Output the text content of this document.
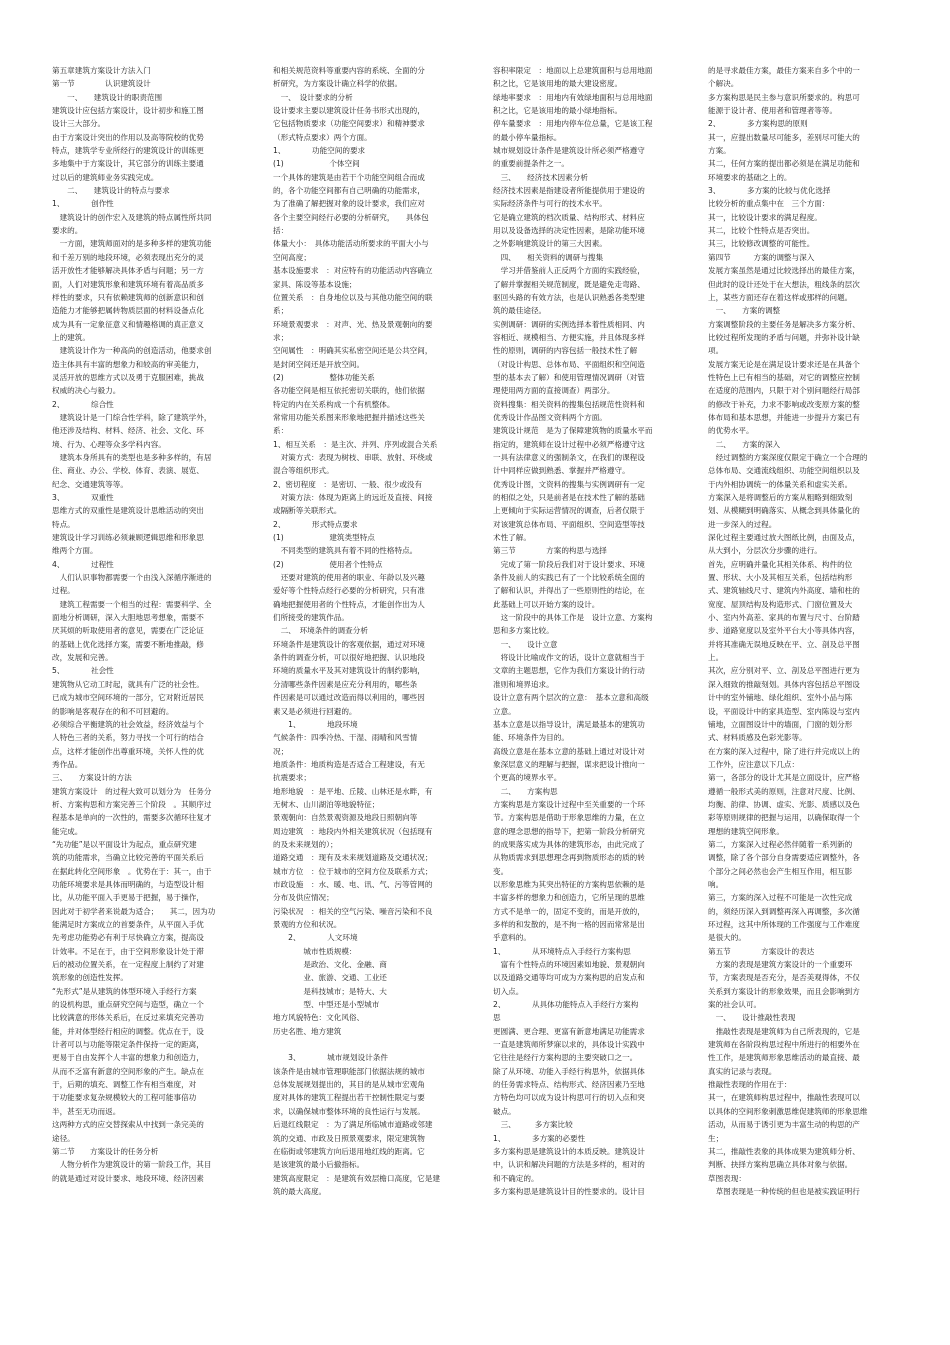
第五章建筑方案设计方法入门
第一节　　　　认识建筑设计
　　一、　　建筑设计的职责范围
建筑设计应包括方案设计，设计初步和施工图
设计三大部分。
由于方案设计突出的作用以及高等院校的优势
特点，建筑学专业所经行的建筑设计的训练更
多地集中于方案设计，其它部分的训练主要通
过以后的建筑师业务实践完成。
　　二、　　建筑设计的特点与要求
1、　　　　创作性
　建筑设计的创作宏入及建筑的特点属性所共同
要求的。
　一方面，建筑师面对的是多种多样的建筑功能
和千差万别的地段环境，必须表现出充分的灵
活开放性才能够解决具体矛盾与问题；另一方
面，人们对建筑形象和建筑环境有着高品质多
样性的要求，只有依赖建筑师的创新意识和创
造能力才能够把属转物质层面的材料设备点化
成为具有一定象征意义和情趣格调的真正意义
上的建筑。
　建筑设计作为一种高尚的创造活动，他要求创
造主体具有丰富的想象力和较高的审美能力，
灵活开放的思维方式以及勇于克服困难，挑战
权威的决心与毅力。
2、　　　　综合性
　建筑设计是一门综合性学科，除了建筑学外，
他还涉及结构、材料、经济、社会、文化、环
境、行为、心理等众多学科内容。
　建筑本身所具有的类型也是多种多样的，有居
住、商业、办公、学校、体育、表演、展览、
纪念、交通建筑等等。
3、　　　　双重性
思维方式的双重性是建筑设计思维活动的突出
特点。
建筑设计学习训练必须兼顾逻辑思维和形象思
维两个方面。
4、　　　　过程性
　人们认识事物都需要一个由浅入深循序渐进的
过程。
　建筑工程需要一个相当的过程：需要科学、全
面地分析调研，深入大胆地思考想象，需要不
厌其烦的听取使用者的意见，需要在广泛论证
的基础上优化选择方案，需要不断地推敲，修
改，发展和完善。
5、　　　　社会性
建筑物从它动工时起，就具有广泛的社会性。
已成为城市空间环境的一部分，它对附近居民
的影响是客观存在的和不可回避的。
必须综合平衡建筑的社会效益，经济效益与个
人特色三者的关系，努力寻找一个可行的结合
点，这样才能创作出尊重环境，关怀人性的优
秀作品。
三、　　方案设计的方法
建筑方案设计　的过程大致可以划分为　任务分
析、方案构思和方案完善三个阶段　。其顺序过
程基本是单向的一次性的，需要多次循环往复才
能完成。
“先功能”是以平面设计为起点，重点研究建
筑的功能需求，当确立比较完善的平面关系后
在据此转化空间形象　。优势在于：其一，由于
功能环境要求是具体而明确的，与造型设计相
比，从功能平面入手更易于把握，易于操作，
因此对于初学者来说最为适合；　　其二，因为功
能满足时方案成立的首要条件，从平面入手优
先考虑功能势必有利于尽快确立方案，提高设
计效率。不足在于，由于空间形象设计处于滞
后的被动位置关系，在一定程度上制约了对建
筑形象的创造性发挥。
“先形式”是从建筑的体型环境入手经行方案
的设机构思，重点研究空间与造型，确立一个
比较满意的形体关系后，在反过来填充完善功
能，并对体型经行相应的调整。优点在于，设
计者可以与功能等限定条件保持一定的距离，
更易于自由发挥个人丰富的想象力和创造力，
从而不乏富有新意的空间形象的产生。缺点在
于，后期的填充、调整工作有相当难度，对
于功能要求复杂规模较大的工程可能事倍功
半，甚至无功而返。
这两种方式的应交替探索从中找到一条完美的
途径。
第二节　　方案设计的任务分析
　人物分析作为建筑设计的第一阶段工作，其目
的就是通过对设计要求、地段环境、经济因素
和相关规范资料等重要内容的系统、全面的分
析研究，为方案设计确立科学的依据。
　一、　设计要求的分析
设计要求主要以建筑设计任务书形式出现的，
它包括物质要求（功能空间要求）和精神要求
（形式特点要求）两个方面。
1、　　　　功能空间的要求
(1)　　　　　　个体空间
一个具体的建筑是由若干个功能空间组合而成
的，各个功能空间都有自己明确的功能需求，
为了准确了解把握对象的设计要求，我们应对
各个主要空间经行必要的分析研究，　　具体包
括：
体量大小：　具体功能活动所要求的平面大小与
空间高度；
基本设施要求　：对应特有的功能活动内容确立
家具、陈设等基本设施；
位置关系　：自身地位以及与其他功能空间的联
系；
环境景观要求　：对声、光、热及景观朝向的要
求；
空间属性　：明确其实私密空间还是公共空间，
是封闭空间还是开放空间。
(2)　　　　　　整体功能关系
各功能空间是相互依托密切关联的，他们依据
特定的内在关系构成一个有机整体。
常常用功能关系图来形象地把握并描述这些关
系：
1、相互关系　：是主次、并列、序列或混合关系
　对策方式：表现为树枝、串联、放射、环绕或
混合等组织形式。
2、密切程度　：是密切、一般、很少或没有
　对策方法：体现为距离上的远近及直接、间接
或隔断等关联形式。
2、　　　　形式特点要求
(1)　　　　　　建筑类型特点
　不同类型的建筑具有着不同的性格特点。
(2)　　　　　　使用者个性特点
　还要对建筑的使用者的职业、年龄以及兴趣
爱好等个性特点经行必要的分析研究，只有准
确地把握使用者的个性特点，才能创作出为人
们所接受的建筑作品。
　二、　环境条件的调查分析
环境条件是建筑设计的客观依据，通过对环境
条件的调查分析，可以很好地把握、认识地段
环境的质量水平及其对建筑设计的制约影响，
分清哪些条件因素是应充分利用的，哪些条
件因素是可以通过改造而得以利用的，哪些因
素又是必须进行回避的。
　　1、　　　　地段环境
气候条件：四季冷热、干湿、雨晴和风雪情
况；
地质条件：地质构造是否适合工程建设，有无
抗震要求；
地形地貌　：是平地、丘陵、山林还是水畔，有
无树木、山川湖泊等地貌特征；
景观朝向：自然景观资源及地段日照朝向等
周边建筑　：地段内外相关建筑状况（包括现有
的及未来规划的）；
道路交通　：现有及未来规划道路及交通状况；
城市方位　：位于城市的空间方位及联系方式；
市政设施　：水、暖、电、讯、气、污等管网的
分布及供应情况；
污染状况　：相关的空气污染、噪音污染和不良
景观的方位和状况。
　　2、　　　　人文环境
　　　　城市性质规模：
　　　　是政治、文化、金融、商
　　　　业、旅游、交通、工业还
　　　　是科技城市；是特大、大
　　　　型、中型还是小型城市
地方风貌特色：文化风俗、
历史名胜、地方建筑
　　3、　　　　城市规划设计条件
该条件是由城市管理职能部门依据法规的城市
总体发展规划提出的，其目的是从城市宏观角
度对具体的建筑工程提出若干控制性限定与要
求，以确保城市整体环境的良性运行与发展。
后退红线限定　：为了满足所临城市道路或邻建
筑的交通、市政及日照景观要求，限定建筑物
在临街或邻建筑方向后退用地红线的距离。它
是该建筑的最小后撤指标。
建筑高度限定　：是建筑有效层檐口高度，它是建
筑的最大高度。
容积率限定　：地面以上总建筑面积与总用地面
积之比，它是该用地的最大建设密度。
绿地率要求　：用地内有效绿地面积与总用地面
积之比，它是该用地的最小绿地指标。
停车量要求　：用地内停车位总量，它是该工程
的最小停车量指标。
城市规划设计条件是建筑设计所必须严格遵守
的重要前提条件之一。
　三、　　经济技术因素分析
经济技术因素是指建设者所能提供用于建设的
实际经济条件与可行的技术水平。
它是确立建筑的档次质量、结构形式、材料应
用以及设备选择的决定性因素，是除功能环境
之外影响建筑设计的第三大因素。
　四、　　相关资料的调研与搜集
　学习并借鉴前人正反两个方面的实践经验，
了解并掌握相关规范制度，既是避免走弯路、
驱回头路的有效方法，也是认识熟悉各类型建
筑的最佳途径。
实例调研：调研的实例选择本着性质相同、内
容相近、规模相当、方便实施，并且体现多样
性的原则，调研的内容包括一般技术性了解
（对设计构思、总体布局、平面组织和空间造
型的基本去了解）和使用管理情况调研（对管
理使用两方面的直接调查）两部分。
资料搜集：相关资料的搜集包括规范性资料和
优秀设计作品图文资料两个方面。
建筑设计规范　是为了保障建筑物的质量水平而
指定的，建筑师在设计过程中必须严格遵守这
一具有法律意义的强制条文，在我们的课程设
计中同样应做到熟悉、掌握并严格遵守。
优秀设计图，文资料的搜集与实例调研有一定
的相似之处，只是前者是在技术性了解的基础
上更倾向于实际运营情况的调查，后者仅限于
对该建筑总体布局、平面组织、空间造型等技
术性了解。
第三节　　　　方案的构思与选择
　完成了第一阶段后我们对于设计要求、环境
条件及前人的实践已有了一个比较系统全面的
了解和认识，并得出了一些原则性的结论，在
此基础上可以开始方案的设计。
　这一阶段中的具体工作是　设计立意、方案构
思和多方案比较。
　一、　　设计立意
　将设计比喻成作文的话，设计立意就相当于
文章的主题思想，它作为我们方案设计的行动
准则和境界追求。
设计立意有两个层次的立意：　基本立意和高级
立意。
基本立意是以指导设计，满足最基本的建筑功
能、环境条件为目的。
高级立意是在基本立意的基础上通过对设计对
象深层意义的理解与把握，谋求把设计推向一
个更高的境界水平。
　二、　　方案构思
方案构思是方案设计过程中至关重要的一个环
节。方案构思是借助于形象思维的力量，在立
意的理念思想的指导下，把第一阶段分析研究
的成果落实成为具体的建筑形态，由此完成了
从物质需求到思想理念再到物质形态的质的转
变。
以形象思维为其突出特征的方案构思依赖的是
丰富多样的想象力和创造力，它所呈现的思维
方式不是单一的，固定不变的，而是开放的，
多样的和发散的，是不拘一格的因而常常是出
乎意料的。
1、　　　　从环境特点入手经行方案构思
　富有个性特点的环境因素如地貌、景观朝向
以及道路交通等均可成为方案构思的启发点和
切入点。
2、　　　　从具体功能特点入手经行方案构
思
更圆满、更合理、更富有新意地满足功能需求
一直是建筑师所梦寐以求的，具体设计实践中
它往往是经行方案构思的主要突破口之一。
除了从环境、功能入手经行构思外，依据具体
的任务需求特点、结构形式、经济因素乃至地
方特色均可以成为设计构思可行的切入点和突
破点。
　三、　　　多方案比较
1、　　　　多方案的必要性
多方案构思是建筑设计的本质反映。建筑设计
中，认识和解决问题的方法是多样的，相对的
和不确定的。
多方案构思是建筑设计目的性要求的。设计目
的是寻求最佳方案，最佳方案来自多个中的一
个解决。
多方案构思是民主参与意识所要求的。构思可
能源于设计者、使用者和管理者等等。
2、　　　　多方案构思的原则
其一，应提出数量尽可能多，差别尽可能大的
方案。
其二，任何方案的提出都必须是在满足功能和
环境要求的基础之上的。
3、　　　　多方案的比较与优化选择
比较分析的重点集中在　三个方面：
其一，比较设计要求的满足程度。
其二，比较个性特点是否突出。
其三，比较修改调整的可能性。
第四节　　　方案的调整与深入
发展方案虽然是通过比较选择出的最佳方案，
但此时的设计还处于在大想法，粗线条的层次
上，某些方面还存在着这样或那样的问题。
　一、　　方案的调整
方案调整阶段的主要任务是解决多方案分析、
比较过程所发现的矛盾与问题，并弥补设计缺
项。
发展方案无论是在满足设计要求还是在具备个
性特色上已有相当的基础，对它的调整应控制
在适度的范围内，只限于对个别问题经行局部
的修改于补充，力求不影响或改变原方案的整
体布局和基本思想，并能进一步提升方案已有
的优势水平。
　二、　　方案的深入
　经过调整的方案深度仅限定于确立一个合理的
总体布局、交通流线组织、功能空间组织以及
于内外相协调统一的体量关系和虚实关系。
方案深入是将调整后的方案从粗略到细致刻
划、从模糊到明确落实、从概念到具体量化的
进一步深入的过程。
深化过程主要通过放大图纸比例，由面及点，
从大到小，分层次分步骤的进行。
首先，应明确并量化其相关体系、构件的位
置、形状、大小及其相互关系，包括结构形
式、建筑轴线尺寸、建筑内外高度、墙和柱的
宽度、屋顶结构及构造形式、门窗位置及大
小、室内外高差、家具的布置与尺寸、台阶踏
步、道路宽度以及室外平台大小等具体内容，
并将其准确无误地反映在平、立、剖及总平图
上。
其次，应分别对平、立、剖及总平图进行更为
深入细致的推敲刻划。具体内容包括总平图设
计中的室外铺地、绿化组织、室外小品与陈
设，平面设计中的家具造型、室内陈设与室内
铺地，立面图设计中的墙面，门窗的划分形
式、材料质感及色彩光影等。
在方案的深入过程中，除了进行并完成以上的
工作外，应注意以下几点：
第一，各部分的设计尤其是立面设计，应严格
遵循一般形式美的原则，注意对尺度、比例、
均衡、韵律、协调、虚实、光影、质感以及色
彩等原则规律的把握与运用，以确保取得一个
理想的建筑空间形象。
第二，方案深入过程必然伴随着一系列新的
调整，除了各个部分自身需要适应调整外，各
个部分之间必然也会产生相互作用，相互影
响。
第三，方案的深入过程不可能是一次性完成
的，须经历深入到调整再深入再调整，多次循
环过程，这其中所体现的工作强度与工作难度
是很大的。
第五节　　　　方案设计的表达
　方案的表现是建筑方案设计的一个重要环
节，方案表现是否充分，是否美观得体，不仅
关系到方案设计的形象效果，而且会影响到方
案的社会认可。
　一、　　设计推敲性表现
　推敲性表现是建筑师为自己所表现的，它是
建筑师在各阶段构思过程中所进行的相要外在
性工作，是建筑师形象思维活动的最直接、最
真实的记录与表现。
推敲性表现的作用在于：
其一，在建筑师构思过程中，推敲性表现可以
以具体的空间形象刺激思维促建筑师的形象思维
活动，从而易于诱引更为丰富生动的构思的产
生；
其二，推敲性表象的具体成果为建筑师分析、
判断、抉择方案构思确立具体对象与依据。
草图表现：
　草图表现是一种传统的但也是被实践证明行
